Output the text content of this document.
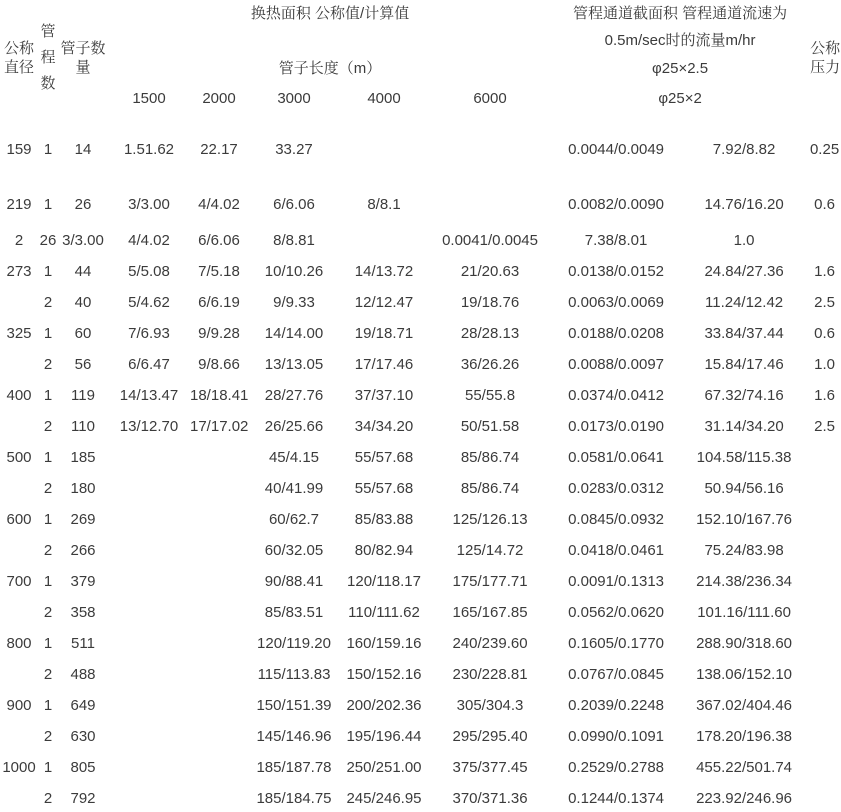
公称直径	管程数	管子数量	换热面积 公称值/计算值					管程通道截面积 管程通道流速为		公称压力

								0.5m/sec时的流量m/hr		
			管子长度（m）					φ25×2.5		
			1500	2000	3000	4000	6000	φ25×2		
159	1	14	1.51.62	22.17	33.27			0.0044/0.0049	7.92/8.82	0.25
219	1	26	3/3.00	4/4.02	6/6.06	8/8.1		0.0082/0.0090	14.76/16.20	0.6
2	26	3/3.00	4/4.02	6/6.06	8/8.81		0.0041/0.0045	7.38/8.01	1.0	
273	1	44	5/5.08	7/5.18	10/10.26	14/13.72	21/20.63	0.0138/0.0152	24.84/27.36	1.6
	2	40	5/4.62	6/6.19	9/9.33	12/12.47	19/18.76	0.0063/0.0069	11.24/12.42	2.5
325	1	60	7/6.93	9/9.28	14/14.00	19/18.71	28/28.13	0.0188/0.0208	33.84/37.44	0.6
	2	56	6/6.47	9/8.66	13/13.05	17/17.46	36/26.26	0.0088/0.0097	15.84/17.46	1.0
400	1	119	14/13.47	18/18.41	28/27.76	37/37.10	55/55.8	0.0374/0.0412	67.32/74.16	1.6
	2	110	13/12.70	17/17.02	26/25.66	34/34.20	50/51.58	0.0173/0.0190	31.14/34.20	2.5
500	1	185			45/4.15	55/57.68	85/86.74	0.0581/0.0641	104.58/115.38	
	2	180			40/41.99	55/57.68	85/86.74	0.0283/0.0312	50.94/56.16	
600	1	269			60/62.7	85/83.88	125/126.13	0.0845/0.0932	152.10/167.76	
	2	266			60/32.05	80/82.94	125/14.72	0.0418/0.0461	75.24/83.98	
700	1	379			90/88.41	120/118.17	175/177.71	0.0091/0.1313	214.38/236.34	
	2	358			85/83.51	110/111.62	165/167.85	0.0562/0.0620	101.16/111.60	
800	1	511			120/119.20	160/159.16	240/239.60	0.1605/0.1770	288.90/318.60	
	2	488			115/113.83	150/152.16	230/228.81	0.0767/0.0845	138.06/152.10	
900	1	649			150/151.39	200/202.36	305/304.3	0.2039/0.2248	367.02/404.46	
	2	630			145/146.96	195/196.44	295/295.40	0.0990/0.1091	178.20/196.38	
1000	1	805			185/187.78	250/251.00	375/377.45	0.2529/0.2788	455.22/501.74	
	2	792			185/184.75	245/246.95	370/371.36	0.1244/0.1374	223.92/246.96	
